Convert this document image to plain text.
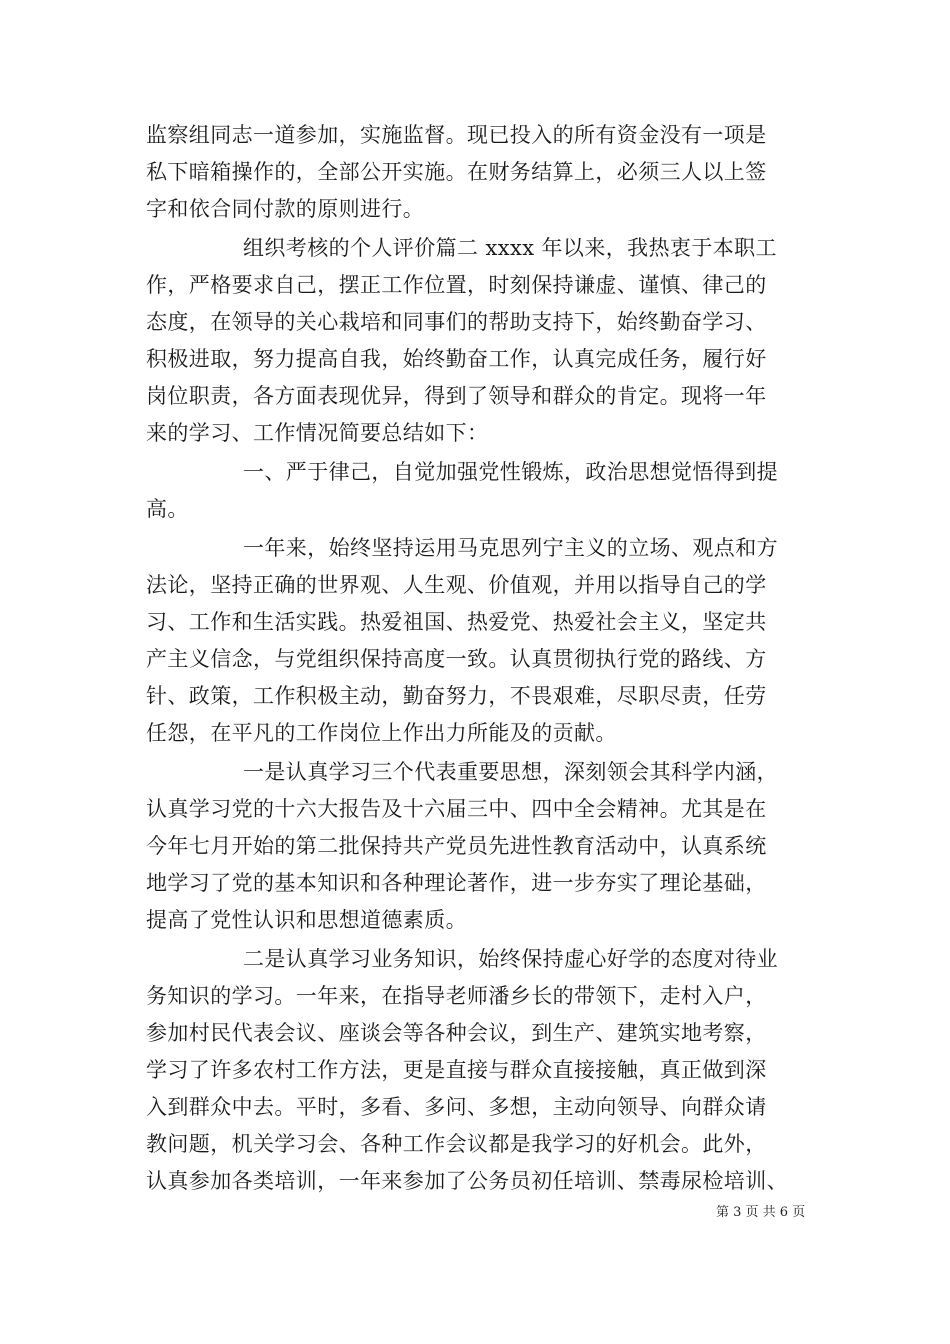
监察组同志一道参加，实施监督。现已投入的所有资金没有一项是

私下暗箱操作的，全部公开实施。在财务结算上，必须三人以上签

字和依合同付款的原则进行。

组织考核的个人评价篇二 xxxx 年以来，我热衷于本职工

作，严格要求自己，摆正工作位置，时刻保持谦虚、谨慎、律己的

态度，在领导的关心栽培和同事们的帮助支持下，始终勤奋学习、

积极进取，努力提高自我，始终勤奋工作，认真完成任务，履行好

岗位职责，各方面表现优异，得到了领导和群众的肯定。现将一年

来的学习、工作情况简要总结如下：

一、严于律己，自觉加强党性锻炼，政治思想觉悟得到提

高。

一年来，始终坚持运用马克思列宁主义的立场、观点和方

法论，坚持正确的世界观、人生观、价值观，并用以指导自己的学

习、工作和生活实践。热爱祖国、热爱党、热爱社会主义，坚定共

产主义信念，与党组织保持高度一致。认真贯彻执行党的路线、方

针、政策，工作积极主动，勤奋努力，不畏艰难，尽职尽责，任劳

任怨，在平凡的工作岗位上作出力所能及的贡献。

一是认真学习三个代表重要思想，深刻领会其科学内涵，

认真学习党的十六大报告及十六届三中、四中全会精神。尤其是在

今年七月开始的第二批保持共产党员先进性教育活动中，认真系统

地学习了党的基本知识和各种理论著作，进一步夯实了理论基础，

提高了党性认识和思想道德素质。

二是认真学习业务知识，始终保持虚心好学的态度对待业

务知识的学习。一年来，在指导老师潘乡长的带领下，走村入户，

参加村民代表会议、座谈会等各种会议，到生产、建筑实地考察，

学习了许多农村工作方法，更是直接与群众直接接触，真正做到深

入到群众中去。平时，多看、多问、多想，主动向领导、向群众请

教问题，机关学习会、各种工作会议都是我学习的好机会。此外，

认真参加各类培训，一年来参加了公务员初任培训、禁毒尿检培训、

第 3 页 共 6 页
